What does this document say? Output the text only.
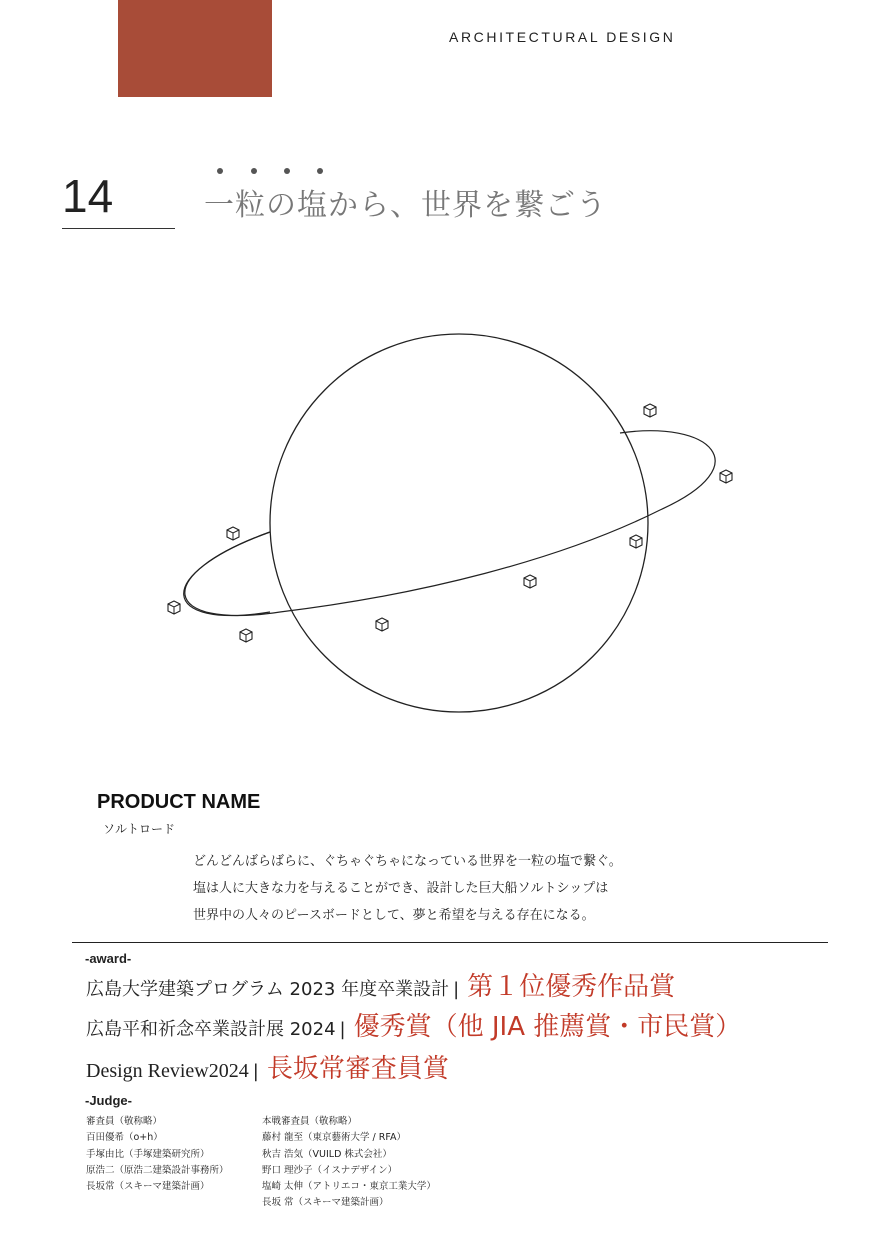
ARCHITECTURAL DESIGN
14	一粒の塩から、世界を繋ごう
PRODUCT NAME
ソルトロード
どんどんばらばらに、ぐちゃぐちゃになっている世界を一粒の塩で繋ぐ。
塩は人に大きな力を与えることができ、設計した巨大船ソルトシップは
世界中の人々のピースボードとして、夢と希望を与える存在になる。
-award-
広島大学建築プログラム 2023 年度卒業設計 | 第１位優秀作品賞
広島平和祈念卒業設計展 2024 | 優秀賞（他 JIA 推薦賞・市民賞）
Design Review2024 | 長坂常審査員賞
-Judge-
審査員（敬称略）
百田優希（o+h）
手塚由比（手塚建築研究所）
原浩二（原浩二建築設計事務所）
長坂常（スキーマ建築計画）
本戦審査員（敬称略）
藤村 龍至（東京藝術大学 / RFA）
秋吉 浩気（VUILD 株式会社）
野口 理沙子（イスナデザイン）
塩崎 太伸（アトリエコ・東京工業大学）
長坂 常（スキーマ建築計画）
